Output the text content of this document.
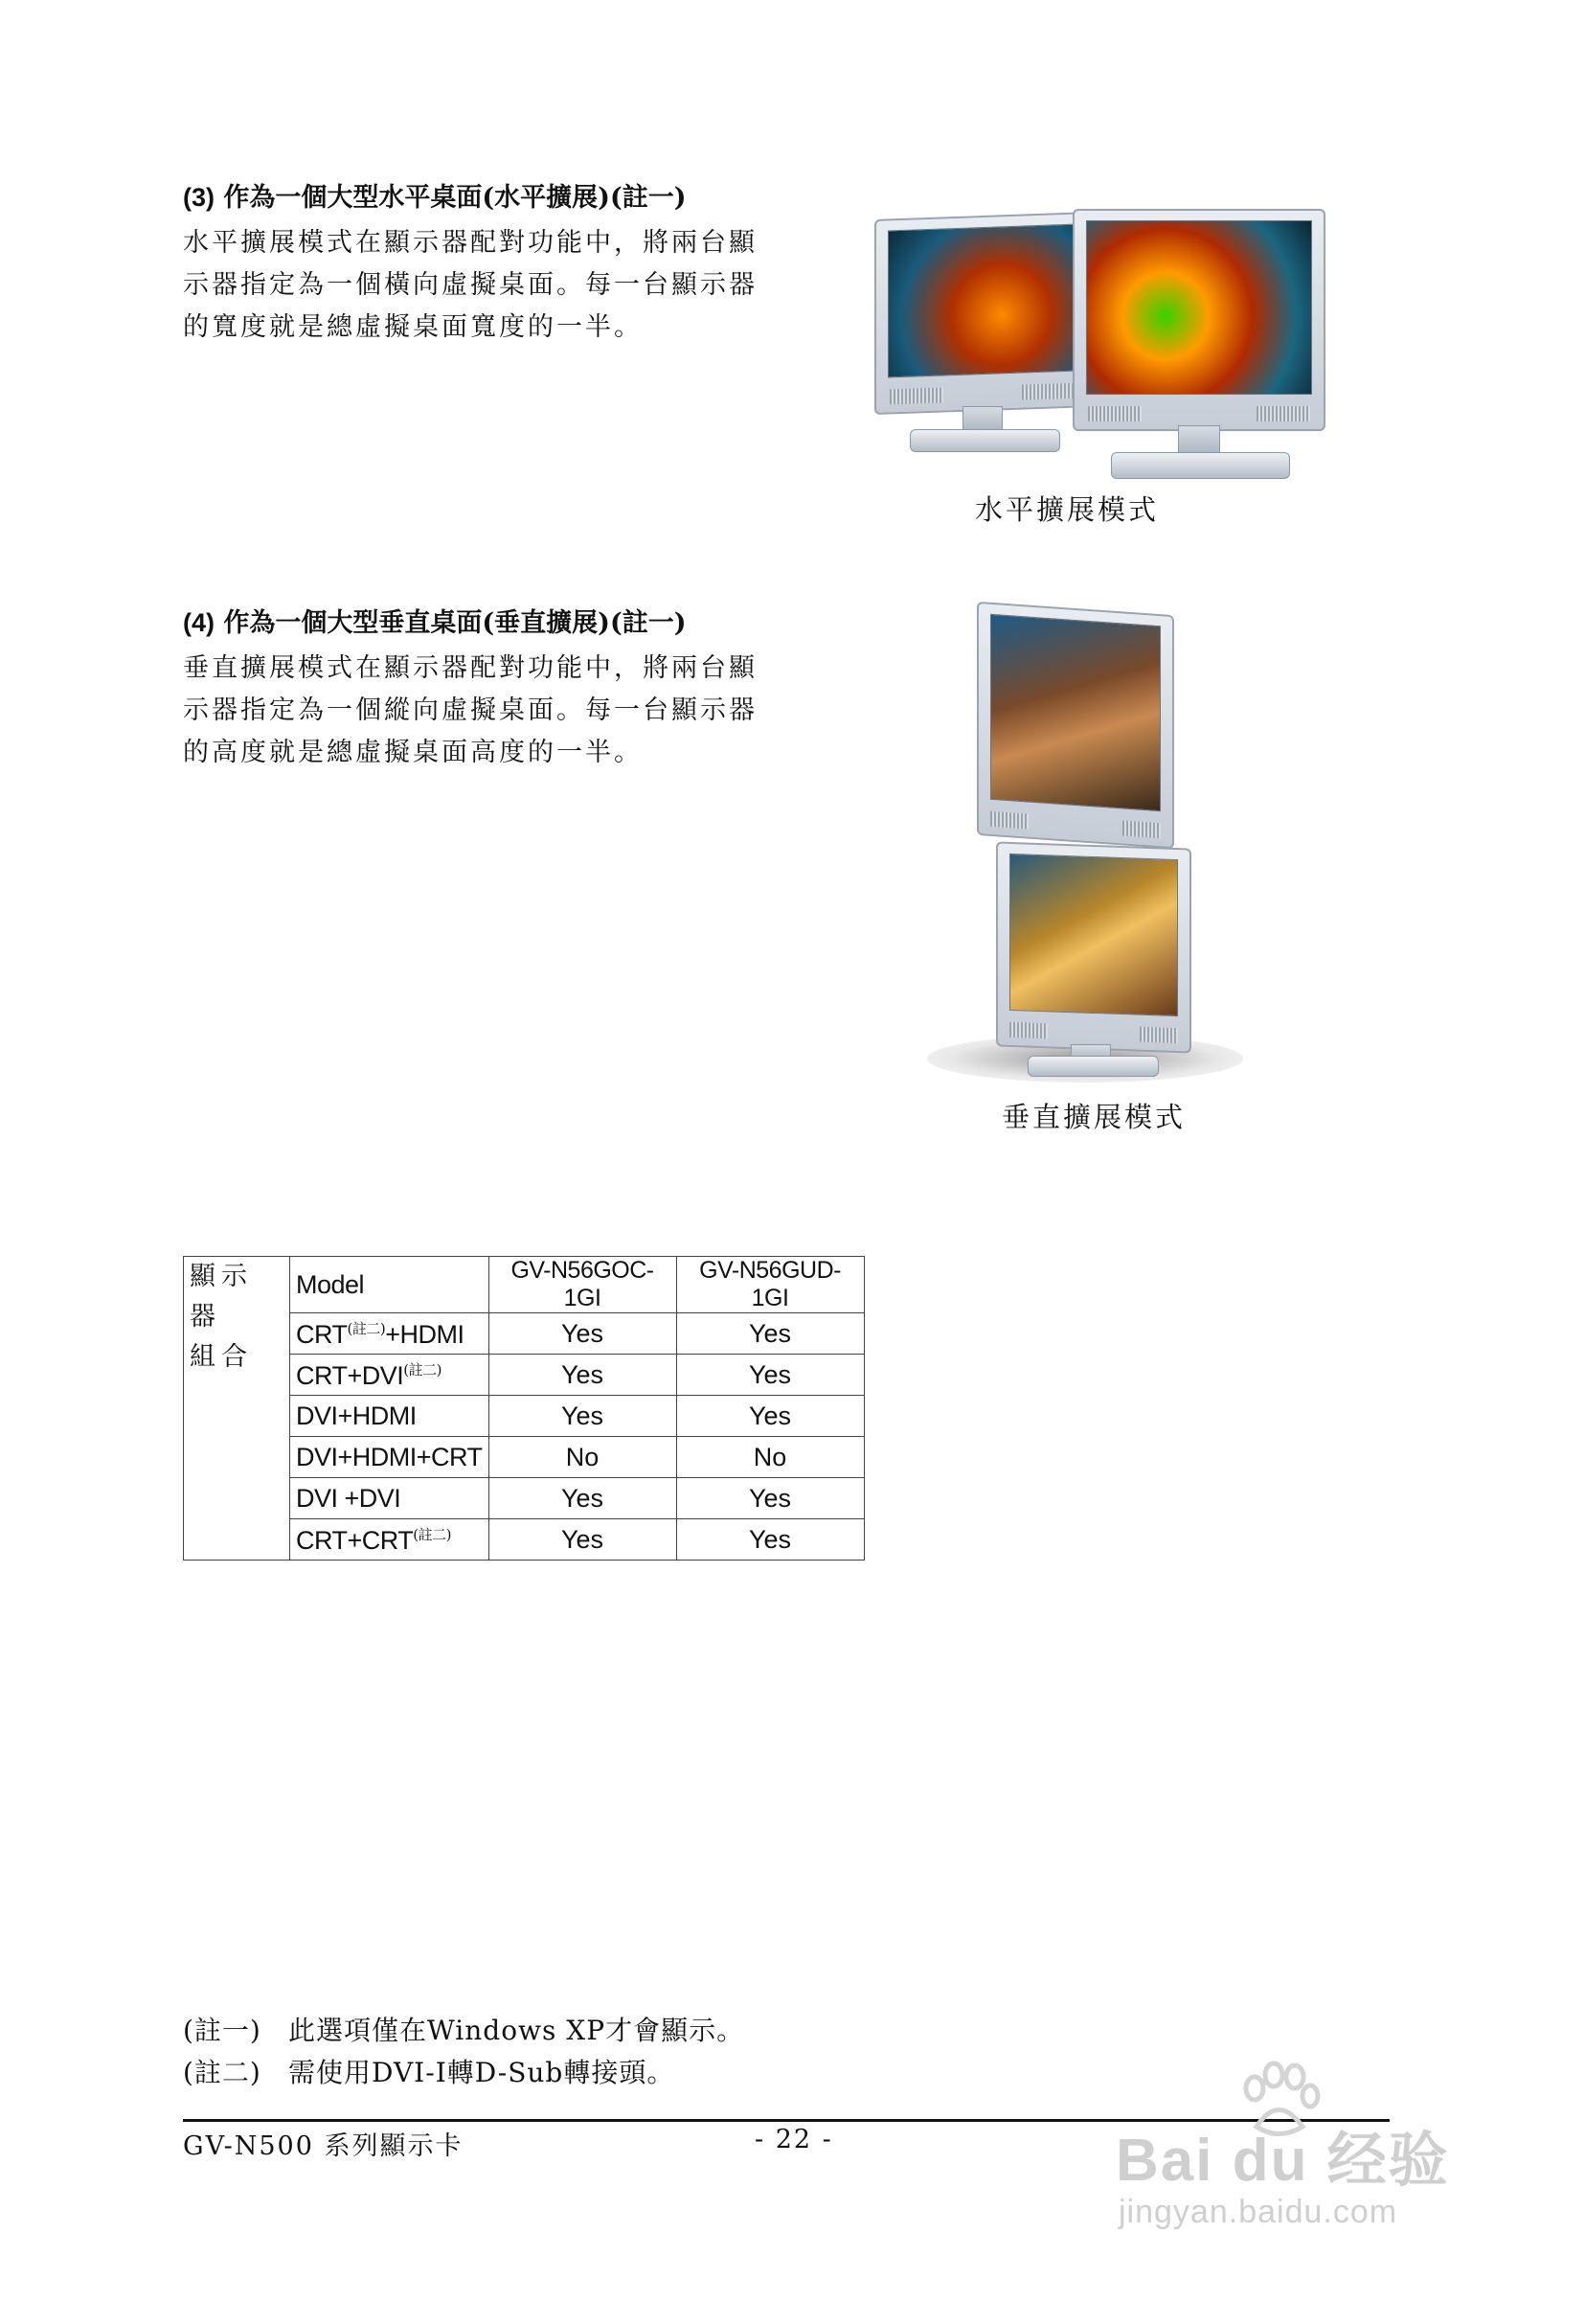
(3) 作為一個大型水平桌面(水平擴展)(註一)
水平擴展模式在顯示器配對功能中，將兩台顯
示器指定為一個橫向虛擬桌面。每一台顯示器
的寬度就是總虛擬桌面寬度的一半。
水平擴展模式
(4) 作為一個大型垂直桌面(垂直擴展)(註一)
垂直擴展模式在顯示器配對功能中，將兩台顯
示器指定為一個縱向虛擬桌面。每一台顯示器
的高度就是總虛擬桌面高度的一半。
垂直擴展模式
顯示器
組合	Model	GV-N56GOC-1GI	GV-N56GUD-1GI
	CRT$^{(註二)}$+HDMI	Yes	Yes
	CRT+DVI$^{(註二)}$	Yes	Yes
	DVI+HDMI	Yes	Yes
	DVI+HDMI+CRT	No	No
	DVI +DVI	Yes	Yes
	CRT+CRT$^{(註二)}$	Yes	Yes
(註一) 此選項僅在Windows XP才會顯示。
(註二) 需使用DVI-I轉D-Sub轉接頭。
GV-N500 系列顯示卡	- 22 -	Bai du 经验
jingyan.baidu.com
